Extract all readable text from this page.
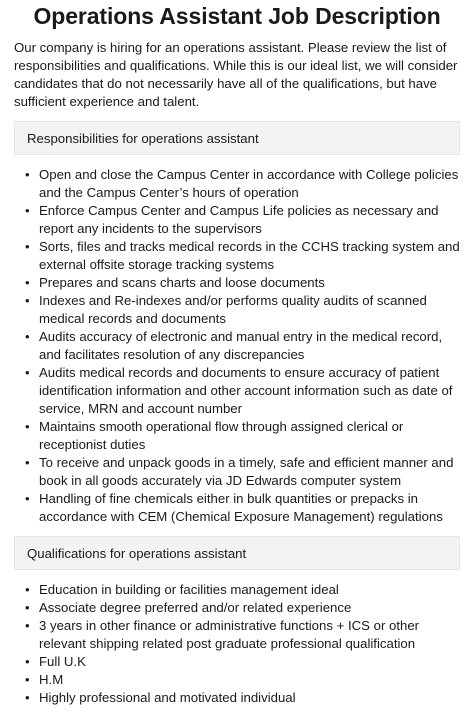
Operations Assistant Job Description

Our company is hiring for an operations assistant. Please review the list of responsibilities and qualifications. While this is our ideal list, we will consider candidates that do not necessarily have all of the qualifications, but have sufficient experience and talent.

Responsibilities for operations assistant
• Open and close the Campus Center in accordance with College policies and the Campus Center’s hours of operation
• Enforce Campus Center and Campus Life policies as necessary and report any incidents to the supervisors
• Sorts, files and tracks medical records in the CCHS tracking system and external offsite storage tracking systems
• Prepares and scans charts and loose documents
• Indexes and Re-indexes and/or performs quality audits of scanned medical records and documents
• Audits accuracy of electronic and manual entry in the medical record, and facilitates resolution of any discrepancies
• Audits medical records and documents to ensure accuracy of patient identification information and other account information such as date of service, MRN and account number
• Maintains smooth operational flow through assigned clerical or receptionist duties
• To receive and unpack goods in a timely, safe and efficient manner and book in all goods accurately via JD Edwards computer system
• Handling of fine chemicals either in bulk quantities or prepacks in accordance with CEM (Chemical Exposure Management) regulations
Qualifications for operations assistant
• Education in building or facilities management ideal
• Associate degree preferred and/or related experience
• 3 years in other finance or administrative functions + ICS or other relevant shipping related post graduate professional qualification
• Full U.K
• H.M
• Highly professional and motivated individual
